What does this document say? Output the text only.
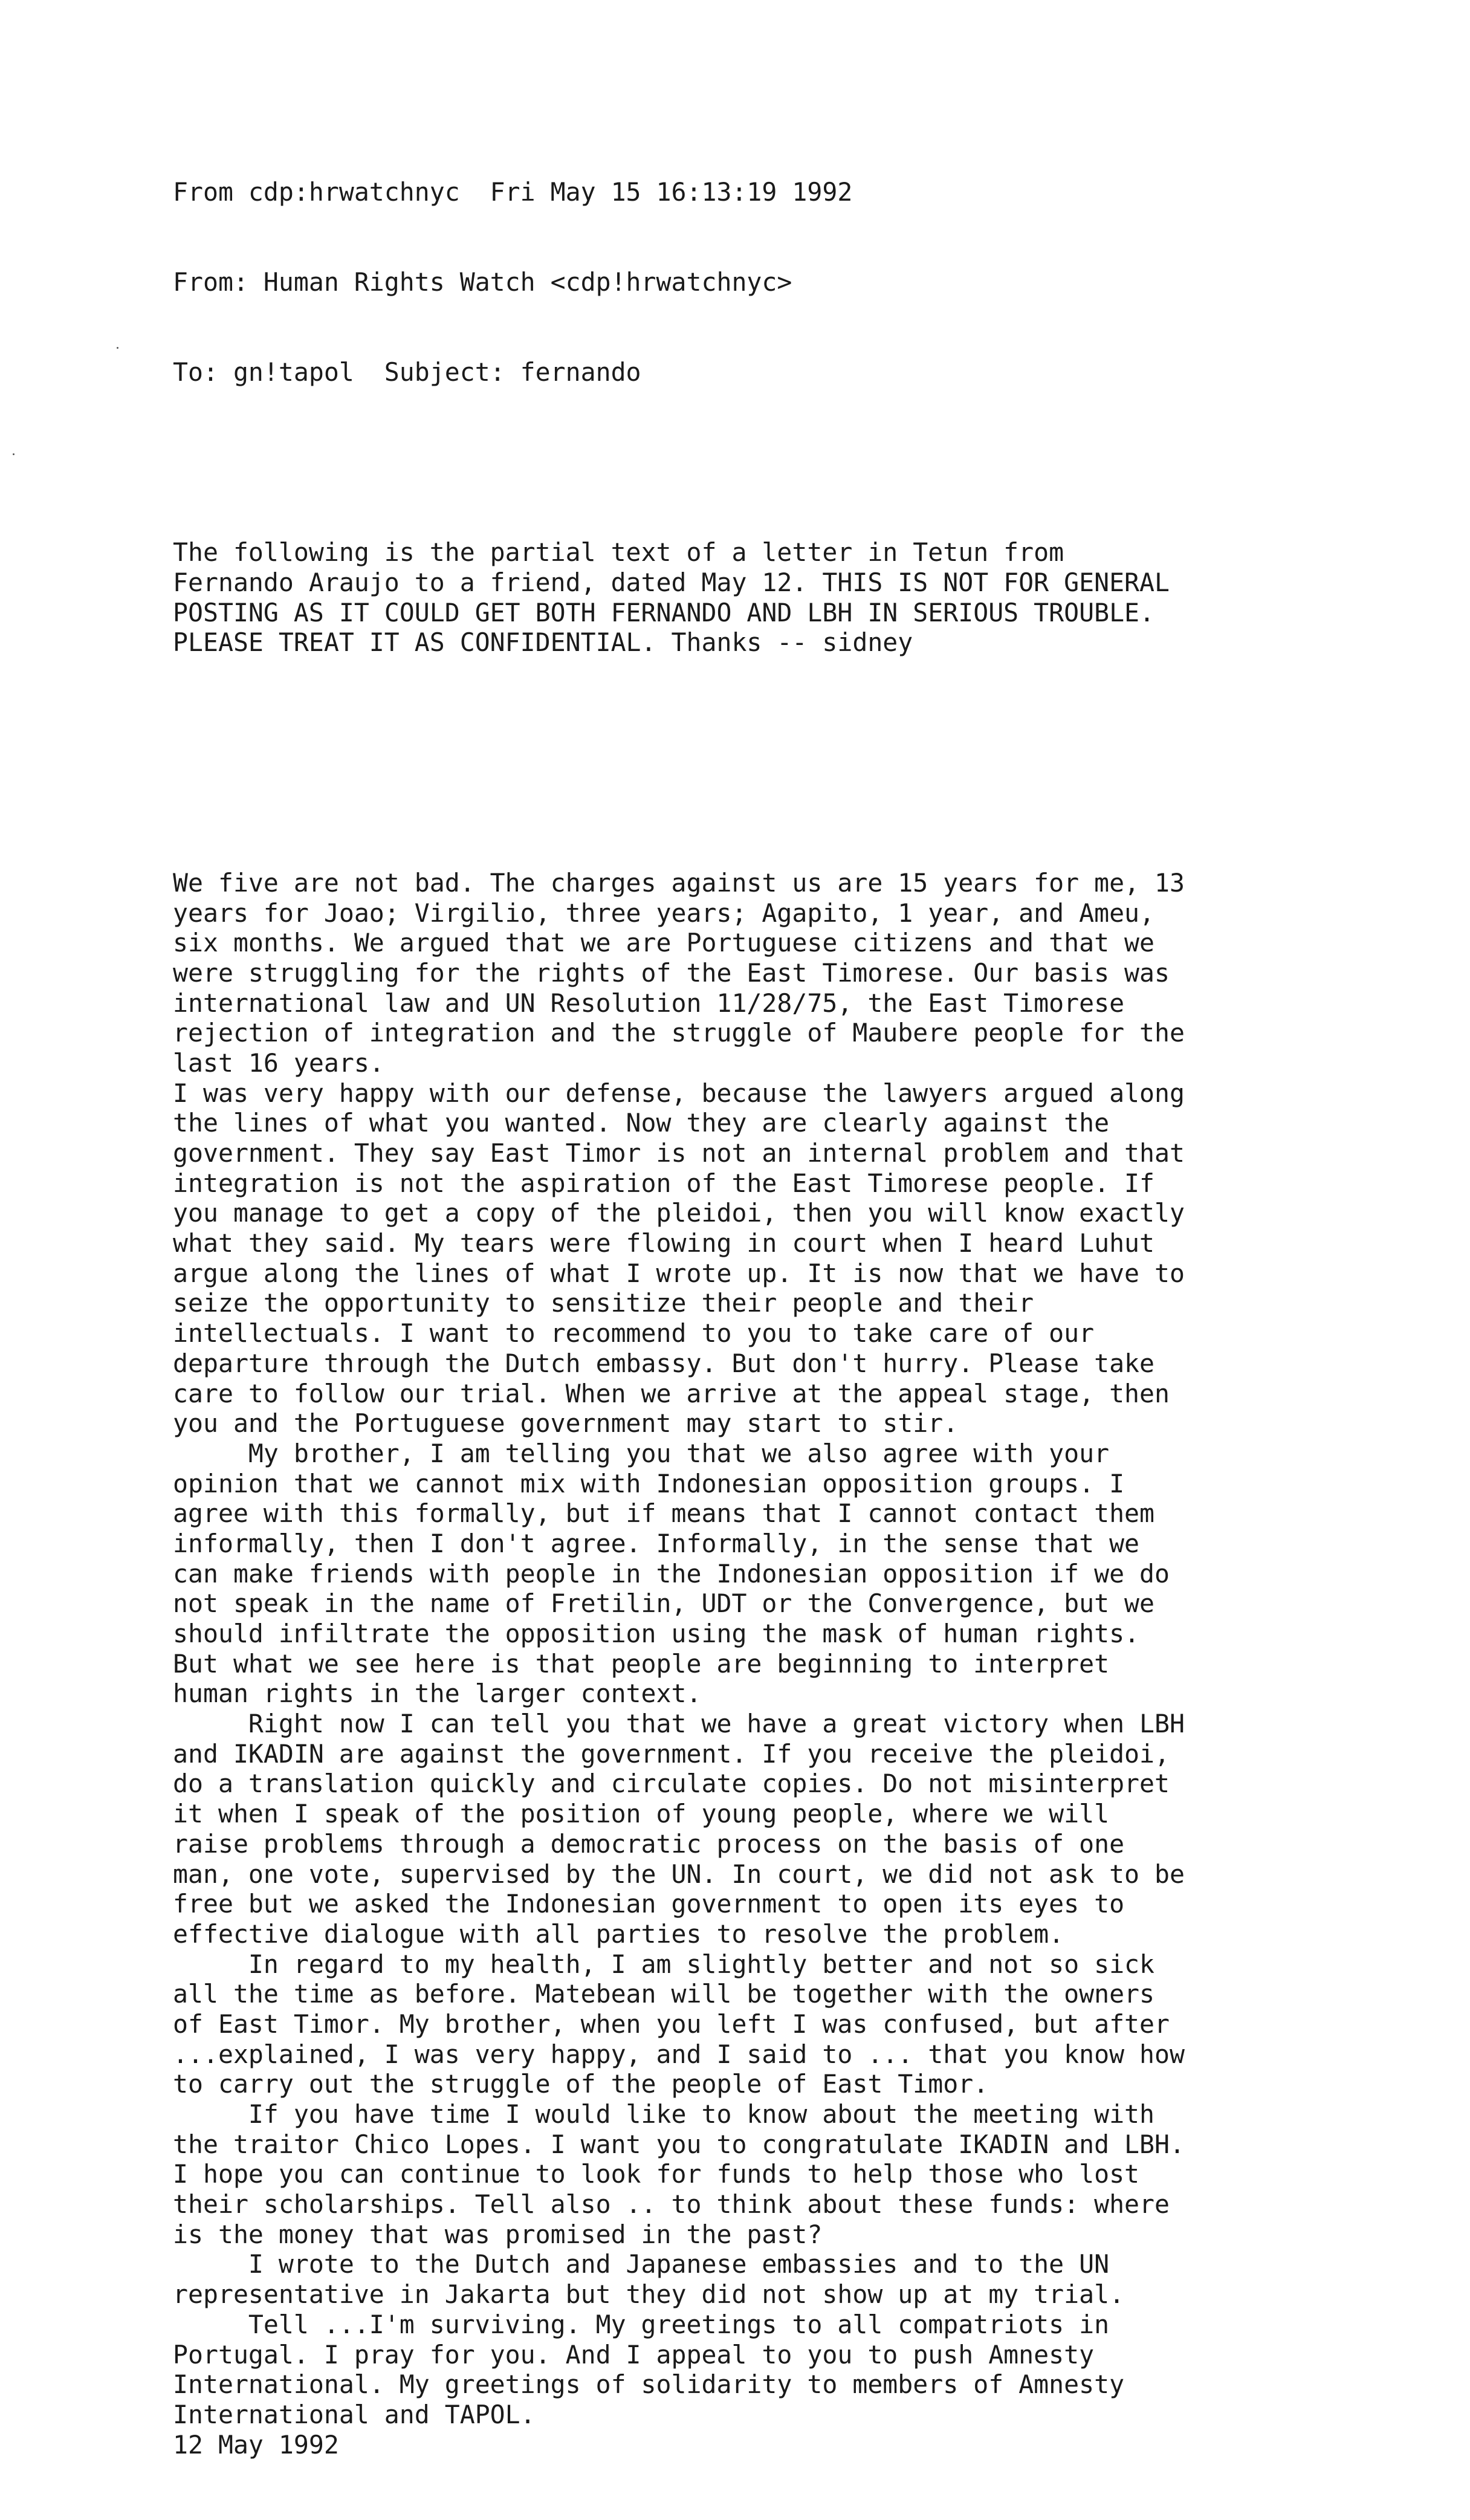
From cdp:hrwatchnyc  Fri May 15 16:13:19 1992

From: Human Rights Watch <cdp!hrwatchnyc>

To: gn!tapol  Subject: fernando

The following is the partial text of a letter in Tetun from
Fernando Araujo to a friend, dated May 12. THIS IS NOT FOR GENERAL
POSTING AS IT COULD GET BOTH FERNANDO AND LBH IN SERIOUS TROUBLE.
PLEASE TREAT IT AS CONFIDENTIAL. Thanks -- sidney

We five are not bad. The charges against us are 15 years for me, 13
years for Joao; Virgilio, three years; Agapito, 1 year, and Ameu,
six months. We argued that we are Portuguese citizens and that we
were struggling for the rights of the East Timorese. Our basis was
international law and UN Resolution 11/28/75, the East Timorese
rejection of integration and the struggle of Maubere people for the
last 16 years.
I was very happy with our defense, because the lawyers argued along
the lines of what you wanted. Now they are clearly against the
government. They say East Timor is not an internal problem and that
integration is not the aspiration of the East Timorese people. If
you manage to get a copy of the pleidoi, then you will know exactly
what they said. My tears were flowing in court when I heard Luhut
argue along the lines of what I wrote up. It is now that we have to
seize the opportunity to sensitize their people and their
intellectuals. I want to recommend to you to take care of our
departure through the Dutch embassy. But don't hurry. Please take
care to follow our trial. When we arrive at the appeal stage, then
you and the Portuguese government may start to stir.
My brother, I am telling you that we also agree with your
opinion that we cannot mix with Indonesian opposition groups. I
agree with this formally, but if means that I cannot contact them
informally, then I don't agree. Informally, in the sense that we
can make friends with people in the Indonesian opposition if we do
not speak in the name of Fretilin, UDT or the Convergence, but we
should infiltrate the opposition using the mask of human rights.
But what we see here is that people are beginning to interpret
human rights in the larger context.
Right now I can tell you that we have a great victory when LBH
and IKADIN are against the government. If you receive the pleidoi,
do a translation quickly and circulate copies. Do not misinterpret
it when I speak of the position of young people, where we will
raise problems through a democratic process on the basis of one
man, one vote, supervised by the UN. In court, we did not ask to be
free but we asked the Indonesian government to open its eyes to
effective dialogue with all parties to resolve the problem.
In regard to my health, I am slightly better and not so sick
all the time as before. Matebean will be together with the owners
of East Timor. My brother, when you left I was confused, but after
...explained, I was very happy, and I said to ... that you know how
to carry out the struggle of the people of East Timor.
If you have time I would like to know about the meeting with
the traitor Chico Lopes. I want you to congratulate IKADIN and LBH.
I hope you can continue to look for funds to help those who lost
their scholarships. Tell also .. to think about these funds: where
is the money that was promised in the past?
I wrote to the Dutch and Japanese embassies and to the UN
representative in Jakarta but they did not show up at my trial.
Tell ...I'm surviving. My greetings to all compatriots in
Portugal. I pray for you. And I appeal to you to push Amnesty
International. My greetings of solidarity to members of Amnesty
International and TAPOL.
12 May 1992
